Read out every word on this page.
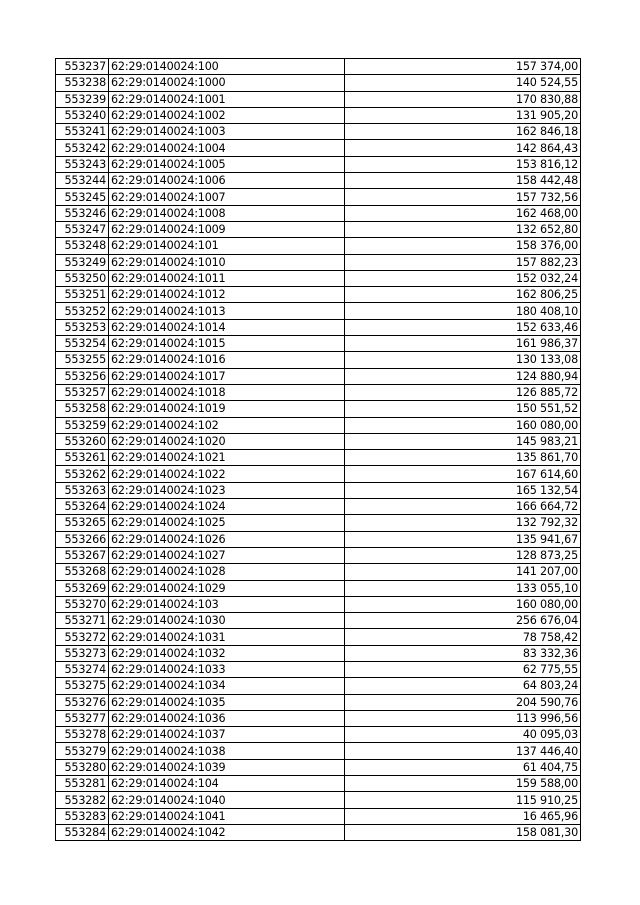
553237	62:29:0140024:100	157 374,00
553238	62:29:0140024:1000	140 524,55
553239	62:29:0140024:1001	170 830,88
553240	62:29:0140024:1002	131 905,20
553241	62:29:0140024:1003	162 846,18
553242	62:29:0140024:1004	142 864,43
553243	62:29:0140024:1005	153 816,12
553244	62:29:0140024:1006	158 442,48
553245	62:29:0140024:1007	157 732,56
553246	62:29:0140024:1008	162 468,00
553247	62:29:0140024:1009	132 652,80
553248	62:29:0140024:101	158 376,00
553249	62:29:0140024:1010	157 882,23
553250	62:29:0140024:1011	152 032,24
553251	62:29:0140024:1012	162 806,25
553252	62:29:0140024:1013	180 408,10
553253	62:29:0140024:1014	152 633,46
553254	62:29:0140024:1015	161 986,37
553255	62:29:0140024:1016	130 133,08
553256	62:29:0140024:1017	124 880,94
553257	62:29:0140024:1018	126 885,72
553258	62:29:0140024:1019	150 551,52
553259	62:29:0140024:102	160 080,00
553260	62:29:0140024:1020	145 983,21
553261	62:29:0140024:1021	135 861,70
553262	62:29:0140024:1022	167 614,60
553263	62:29:0140024:1023	165 132,54
553264	62:29:0140024:1024	166 664,72
553265	62:29:0140024:1025	132 792,32
553266	62:29:0140024:1026	135 941,67
553267	62:29:0140024:1027	128 873,25
553268	62:29:0140024:1028	141 207,00
553269	62:29:0140024:1029	133 055,10
553270	62:29:0140024:103	160 080,00
553271	62:29:0140024:1030	256 676,04
553272	62:29:0140024:1031	78 758,42
553273	62:29:0140024:1032	83 332,36
553274	62:29:0140024:1033	62 775,55
553275	62:29:0140024:1034	64 803,24
553276	62:29:0140024:1035	204 590,76
553277	62:29:0140024:1036	113 996,56
553278	62:29:0140024:1037	40 095,03
553279	62:29:0140024:1038	137 446,40
553280	62:29:0140024:1039	61 404,75
553281	62:29:0140024:104	159 588,00
553282	62:29:0140024:1040	115 910,25
553283	62:29:0140024:1041	16 465,96
553284	62:29:0140024:1042	158 081,30
